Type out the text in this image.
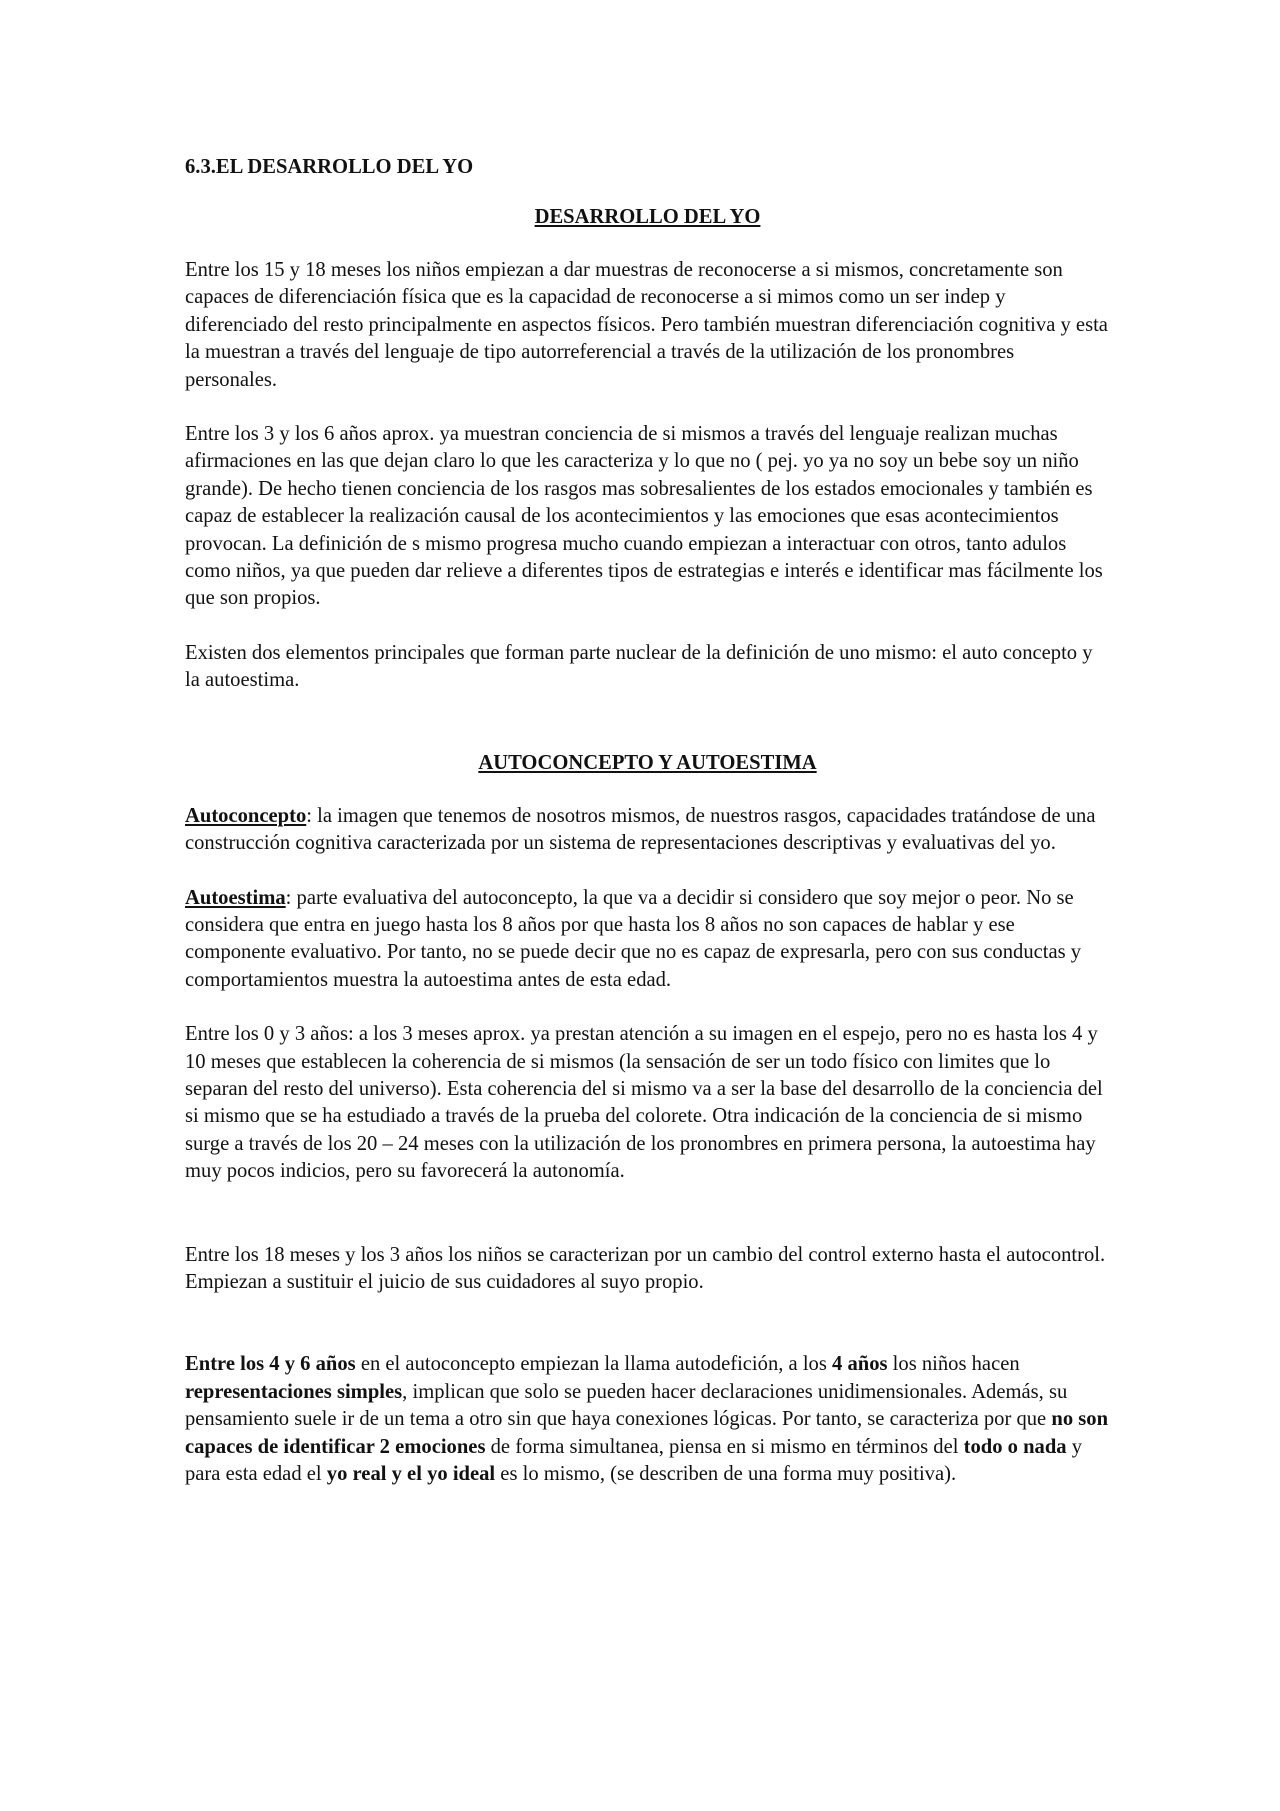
6.3.EL DESARROLLO DEL YO
DESARROLLO DEL YO

Entre los 15 y 18 meses los niños empiezan a dar muestras de reconocerse a si mismos, concretamente son capaces de diferenciación física que es la capacidad de reconocerse a si mimos como un ser indep y diferenciado del resto principalmente en aspectos físicos. Pero también muestran diferenciación cognitiva y esta la muestran a través del lenguaje de tipo autorreferencial a través de la utilización de los pronombres personales.

Entre los 3 y los 6 años aprox. ya muestran conciencia de si mismos a través del lenguaje realizan muchas afirmaciones en las que dejan claro lo que les caracteriza y lo que no ( pej. yo ya no soy un bebe soy un niño grande). De hecho tienen conciencia de los rasgos mas sobresalientes de los estados emocionales y también es capaz de establecer la realización causal de los acontecimientos y las emociones que esas acontecimientos provocan. La definición de s mismo progresa mucho cuando empiezan a interactuar con otros, tanto adulos como niños, ya que pueden dar relieve a diferentes tipos de estrategias e interés e identificar mas fácilmente los que son propios.

Existen dos elementos principales que forman parte nuclear de la definición de uno mismo: el auto concepto y la autoestima.

AUTOCONCEPTO Y AUTOESTIMA

Autoconcepto: la imagen que tenemos de nosotros mismos, de nuestros rasgos, capacidades tratándose de una construcción cognitiva caracterizada por un sistema de representaciones descriptivas y evaluativas del yo.

Autoestima: parte evaluativa del autoconcepto, la que va a decidir si considero que soy mejor o peor. No se considera que entra en juego hasta los 8 años por que hasta los 8 años no son capaces de hablar y ese componente evaluativo. Por tanto, no se puede decir que no es capaz de expresarla, pero con sus conductas y comportamientos muestra la autoestima antes de esta edad.

Entre los 0 y 3 años: a los 3 meses aprox. ya prestan atención a su imagen en el espejo, pero no es hasta los 4 y 10 meses que establecen la coherencia de si mismos (la sensación de ser un todo físico con limites que lo separan del resto del universo). Esta coherencia del si mismo va a ser la base del desarrollo de la conciencia del si mismo que se ha estudiado a través de la prueba del colorete. Otra indicación de la conciencia de si mismo surge a través de los 20 – 24 meses con la utilización de los pronombres en primera persona, la autoestima hay muy pocos indicios, pero su favorecerá la autonomía.

Entre los 18 meses y los 3 años los niños se caracterizan por un cambio del control externo hasta el autocontrol. Empiezan a sustituir el juicio de sus cuidadores al suyo propio.

Entre los 4 y 6 años en el autoconcepto empiezan la llama autodefición, a los 4 años los niños hacen representaciones simples, implican que solo se pueden hacer declaraciones unidimensionales. Además, su pensamiento suele ir de un tema a otro sin que haya conexiones lógicas. Por tanto, se caracteriza por que no son capaces de identificar 2 emociones de forma simultanea, piensa en si mismo en términos del todo o nada y para esta edad el yo real y el yo ideal es lo mismo, (se describen de una forma muy positiva).
